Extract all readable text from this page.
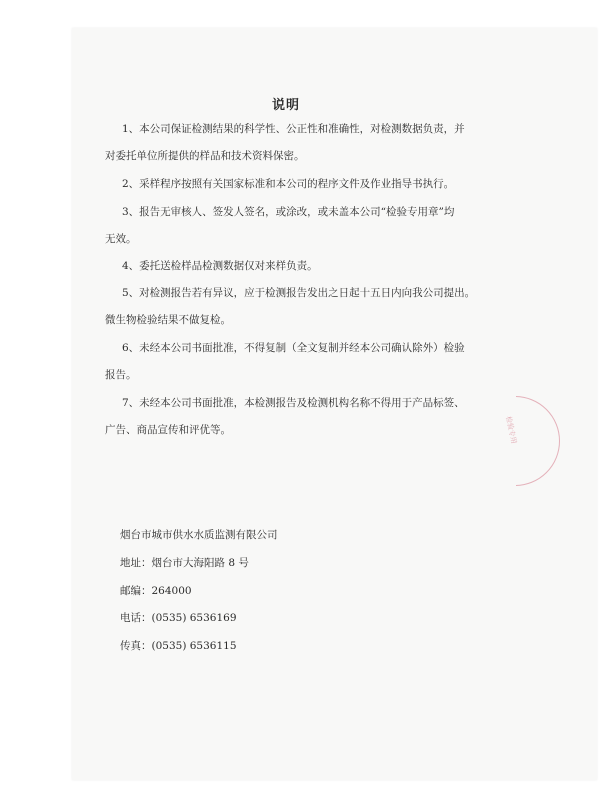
说明
1、本公司保证检测结果的科学性、公正性和准确性，对检测数据负责，并
对委托单位所提供的样品和技术资料保密。
2、采样程序按照有关国家标准和本公司的程序文件及作业指导书执行。
3、报告无审核人、签发人签名，或涂改，或未盖本公司“检验专用章”均
无效。
4、委托送检样品检测数据仅对来样负责。
5、对检测报告若有异议，应于检测报告发出之日起十五日内向我公司提出。
微生物检验结果不做复检。
6、未经本公司书面批准，不得复制（全文复制并经本公司确认除外）检验
报告。
7、未经本公司书面批准，本检测报告及检测机构名称不得用于产品标签、
广告、商品宣传和评优等。	检验专用
烟台市城市供水水质监测有限公司
地址：烟台市大海阳路 8 号
邮编：264000
电话：(0535) 6536169
传真：(0535) 6536115
